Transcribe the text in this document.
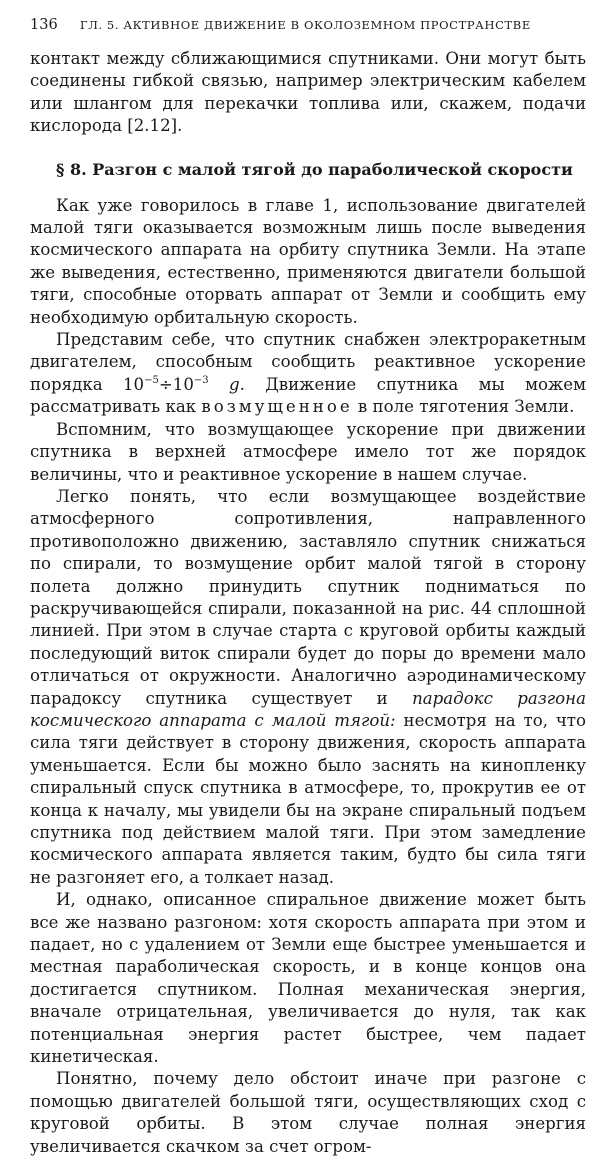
136	ГЛ. 5. АКТИВНОЕ ДВИЖЕНИЕ В ОКОЛОЗЕМНОМ ПРОСТРАНСТВЕ

контакт между сближающимися спутниками. Они могут быть соединены гибкой связью, например электрическим кабелем или шлангом для перекачки топлива или, скажем, подачи кислорода [2.12].

§ 8. Разгон с малой тягой до параболической скорости

Как уже говорилось в главе 1, использование двигателей малой тяги оказывается возможным лишь после выведения космического аппарата на орбиту спутника Земли. На этапе же выведения, естественно, применяются двигатели большой тяги, способные оторвать аппарат от Земли и сообщить ему необходимую орбитальную скорость.

Представим себе, что спутник снабжен электроракетным двигателем, способным сообщить реактивное ускорение порядка $10^{-5}\div 10^{-3}$ g. Движение спутника мы можем рассматривать как возмущенное в поле тяготения Земли.

Вспомним, что возмущающее ускорение при движении спутника в верхней атмосфере имело тот же порядок величины, что и реактивное ускорение в нашем случае.

Легко понять, что если возмущающее воздействие атмосферного сопротивления, направленного противоположно движению, заставляло спутник снижаться по спирали, то возмущение орбит малой тягой в сторону полета должно принудить спутник подниматься по раскручивающейся спирали, показанной на рис. 44 сплошной линией. При этом в случае старта с круговой орбиты каждый последующий виток спирали будет до поры до времени мало отличаться от окружности. Аналогично аэродинамическому парадоксу спутника существует и парадокс разгона космического аппарата с малой тягой: несмотря на то, что сила тяги действует в сторону движения, скорость аппарата уменьшается. Если бы можно было заснять на кинопленку спиральный спуск спутника в атмосфере, то, прокрутив ее от конца к началу, мы увидели бы на экране спиральный подъем спутника под действием малой тяги. При этом замедление космического аппарата является таким, будто бы сила тяги не разгоняет его, а толкает назад.

И, однако, описанное спиральное движение может быть все же названо разгоном: хотя скорость аппарата при этом и падает, но с удалением от Земли еще быстрее уменьшается и местная параболическая скорость, и в конце концов она достигается спутником. Полная механическая энергия, вначале отрицательная, увеличивается до нуля, так как потенциальная энергия растет быстрее, чем падает кинетическая.

Понятно, почему дело обстоит иначе при разгоне с помощью двигателей большой тяги, осуществляющих сход с круговой орбиты. В этом случае полная энергия увеличивается скачком за счет огром-
